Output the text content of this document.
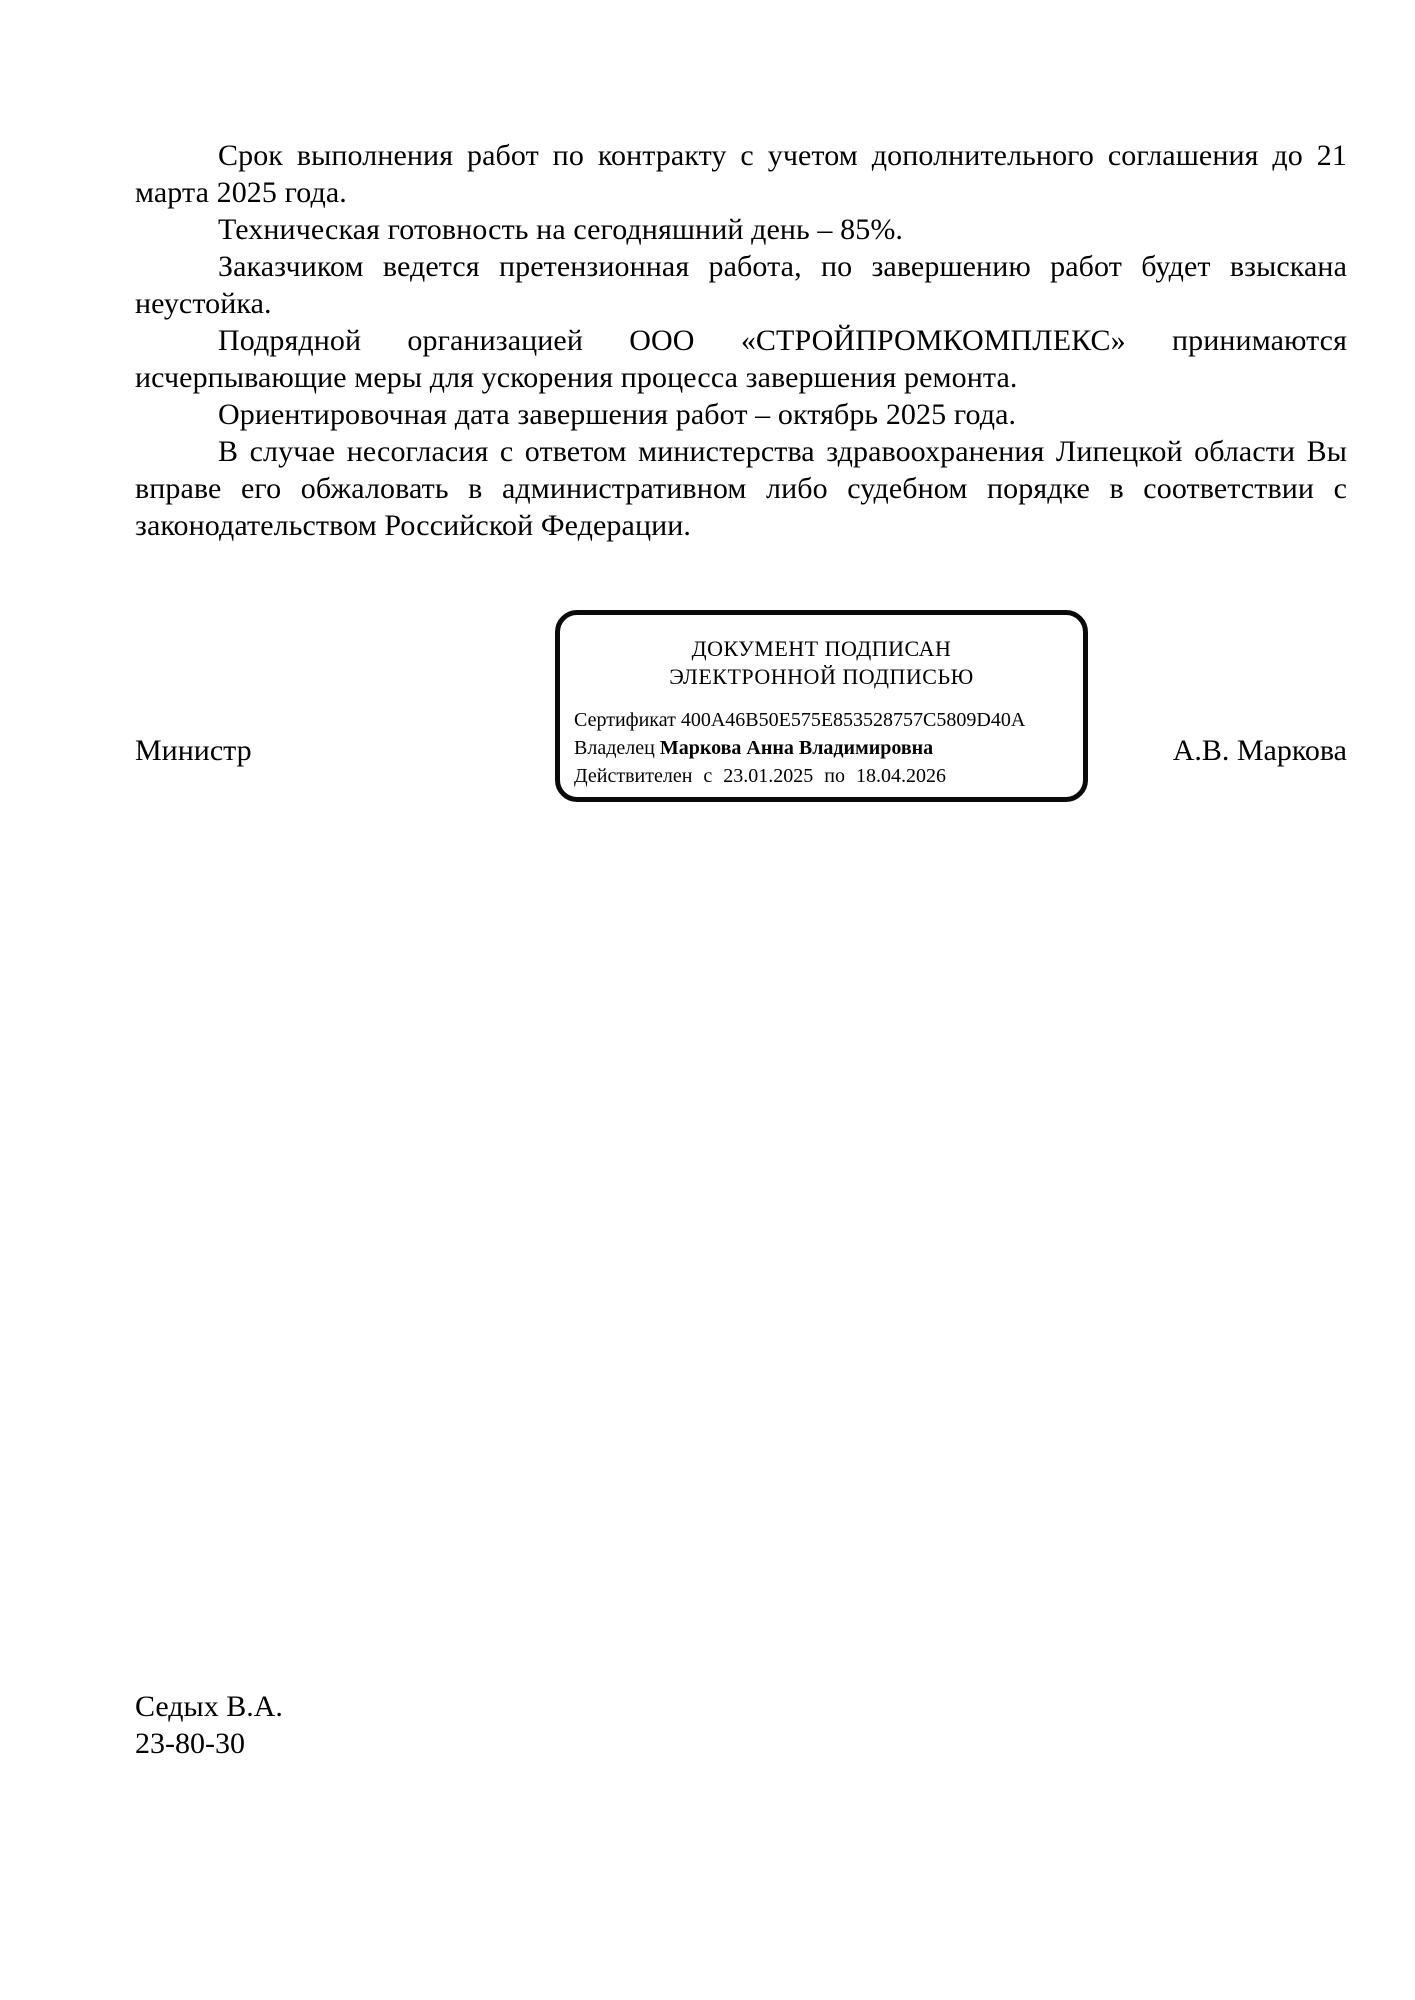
Срок выполнения работ по контракту с учетом дополнительного соглашения до 21 марта 2025 года.

Техническая готовность на сегодняшний день – 85%.

Заказчиком ведется претензионная работа, по завершению работ будет взыскана неустойка.

Подрядной организацией ООО «СТРОЙПРОМКОМПЛЕКС» принимаются исчерпывающие меры для ускорения процесса завершения ремонта.

Ориентировочная дата завершения работ – октябрь 2025 года.

В случае несогласия с ответом министерства здравоохранения Липецкой области Вы вправе его обжаловать в административном либо судебном порядке в соответствии с законодательством Российской Федерации.

Министр
ДОКУМЕНТ ПОДПИСАН
ЭЛЕКТРОННОЙ ПОДПИСЬЮ
Сертификат 400A46B50E575E853528757C5809D40A
Владелец Маркова Анна Владимировна
Действителен с 23.01.2025 по 18.04.2026
А.В. Маркова
Седых В.А.
23-80-30
